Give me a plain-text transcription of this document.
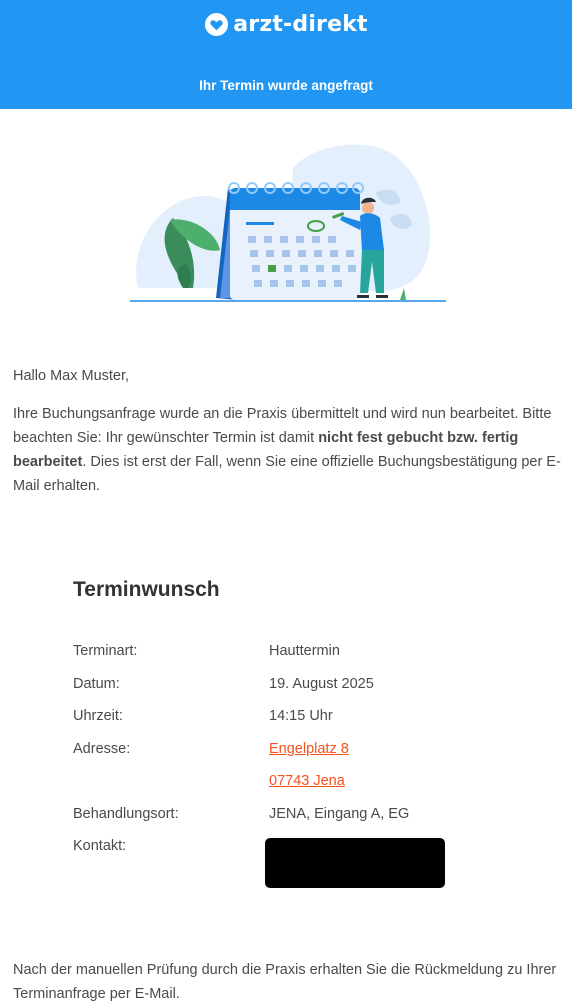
arzt-direkt
Ihr Termin wurde angefragt
Hallo Max Muster,

Ihre Buchungsanfrage wurde an die Praxis übermittelt und wird nun bearbeitet. Bitte beachten Sie: Ihr gewünschter Termin ist damit nicht fest gebucht bzw. fertig bearbeitet. Dies ist erst der Fall, wenn Sie eine offizielle Buchungsbestätigung per E-Mail erhalten.

Terminwunsch
Terminart:	Hauttermin
Datum:	19. August 2025
Uhrzeit:	14:15 Uhr
Adresse:	Engelplatz 8
07743 Jena
Behandlungsort:	JENA, Eingang A, EG
Kontakt:

Nach der manuellen Prüfung durch die Praxis erhalten Sie die Rückmeldung zu Ihrer Terminanfrage per E-Mail.
